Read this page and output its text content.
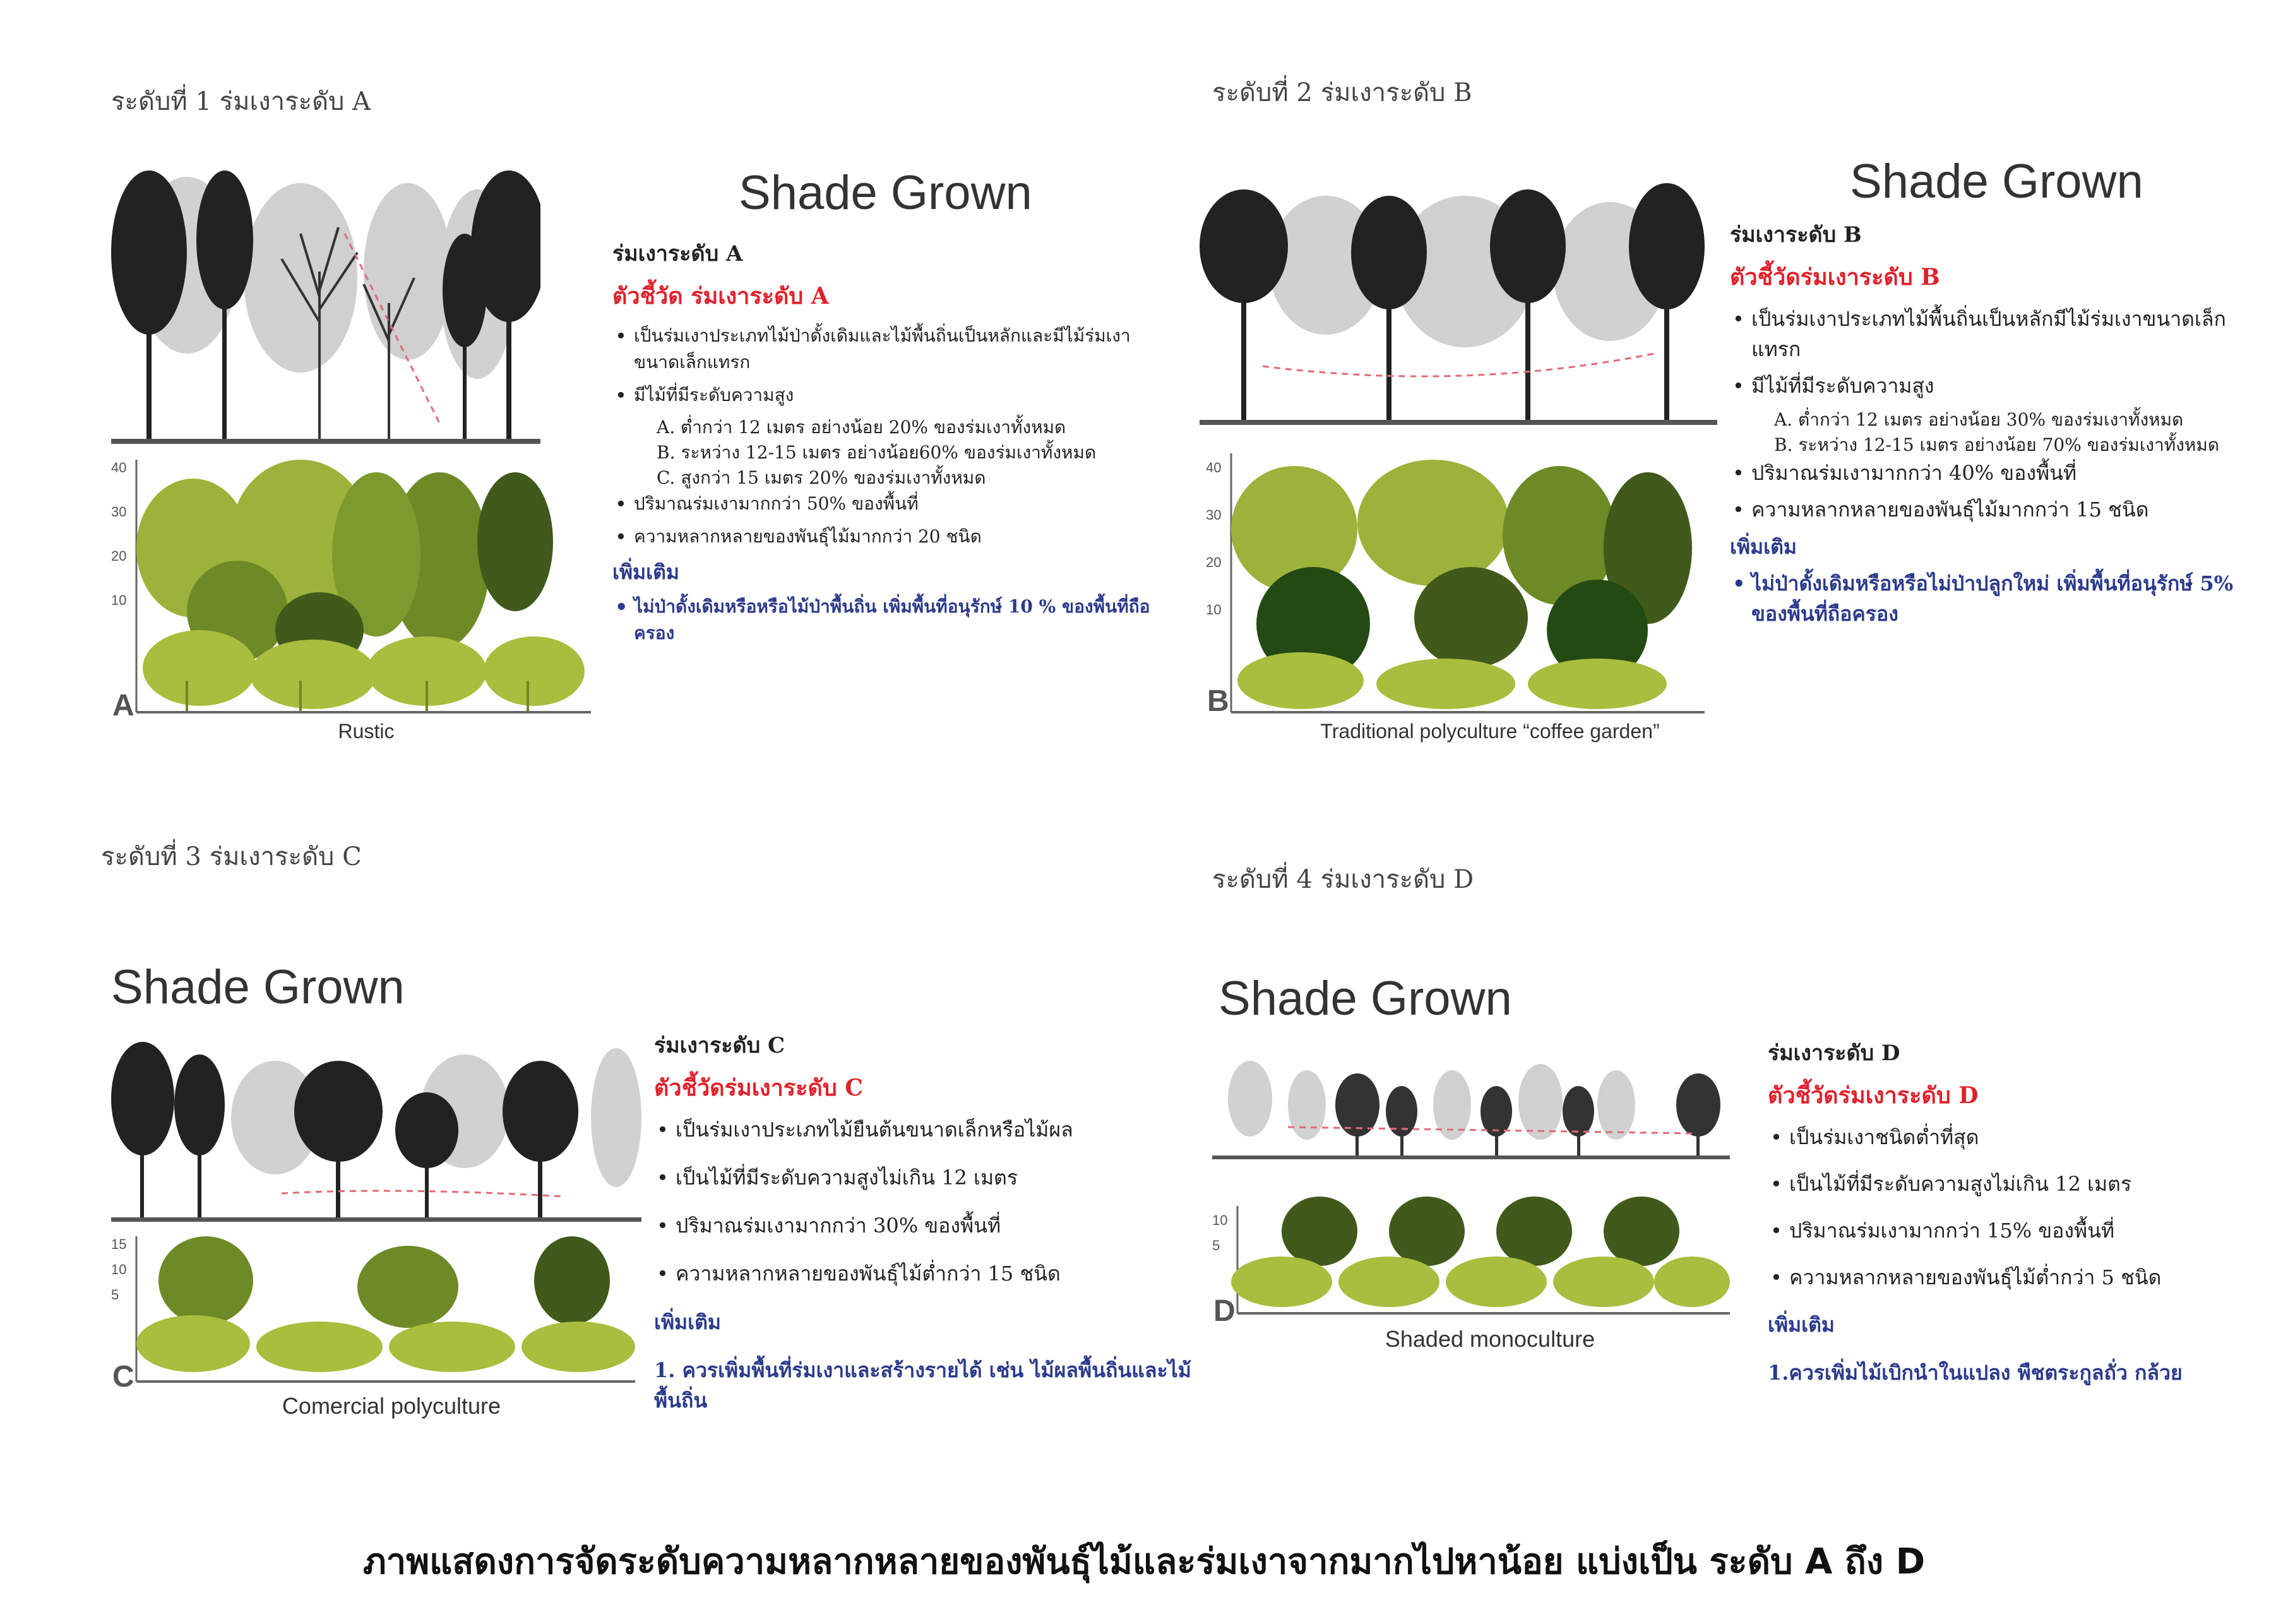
ระดับที่ 1 ร่มเงาระดับ A
40
30
20
10
A
Rustic
Shade Grown
ร่มเงาระดับ A
ตัวชี้วัด ร่มเงาระดับ A
• เป็นร่มเงาประเภทไม้ป่าดั้งเดิมและไม้พื้นถิ่นเป็นหลักและมีไม้ร่มเงาขนาดเล็กแทรก
• มีไม้ที่มีระดับความสูง
A. ต่ำกว่า 12 เมตร อย่างน้อย 20% ของร่มเงาทั้งหมด
B. ระหว่าง 12-15 เมตร อย่างน้อย60% ของร่มเงาทั้งหมด
C. สูงกว่า 15 เมตร 20% ของร่มเงาทั้งหมด
• ปริมาณร่มเงามากกว่า 50% ของพื้นที่
• ความหลากหลายของพันธุ์ไม้มากกว่า 20 ชนิด
เพิ่มเติม
• ไม่ป่าดั้งเดิมหรือหรือไม้ป่าพื้นถิ่น เพิ่มพื้นที่อนุรักษ์ 10 % ของพื้นที่ถือครอง
ระดับที่ 2 ร่มเงาระดับ B
40
30
20
10
B
Traditional polyculture “coffee garden”
Shade Grown
ร่มเงาระดับ B
ตัวชี้วัดร่มเงาระดับ B
• เป็นร่มเงาประเภทไม้พื้นถิ่นเป็นหลักมีไม้ร่มเงาขนาดเล็กแทรก
• มีไม้ที่มีระดับความสูง
A. ต่ำกว่า 12 เมตร อย่างน้อย 30% ของร่มเงาทั้งหมด
B. ระหว่าง 12-15 เมตร อย่างน้อย 70% ของร่มเงาทั้งหมด
• ปริมาณร่มเงามากกว่า 40% ของพื้นที่
• ความหลากหลายของพันธุ์ไม้มากกว่า 15 ชนิด
เพิ่มเติม
• ไม่ป่าดั้งเดิมหรือหรือไม่ป่าปลูกใหม่ เพิ่มพื้นที่อนุรักษ์ 5% ของพื้นที่ถือครอง
ระดับที่ 3 ร่มเงาระดับ C
Shade Grown
15
10
5
C
Comercial polyculture
ร่มเงาระดับ C
ตัวชี้วัดร่มเงาระดับ C
• เป็นร่มเงาประเภทไม้ยืนต้นขนาดเล็กหรือไม้ผล
• เป็นไม้ที่มีระดับความสูงไม่เกิน 12 เมตร
• ปริมาณร่มเงามากกว่า 30% ของพื้นที่
• ความหลากหลายของพันธุ์ไม้ต่ำกว่า 15 ชนิด
เพิ่มเติม
1. ควรเพิ่มพื้นที่ร่มเงาและสร้างรายได้ เช่น ไม้ผลพื้นถิ่นและไม้พื้นถิ่น
ระดับที่ 4 ร่มเงาระดับ D
Shade Grown
10
5
D
Shaded monoculture
ร่มเงาระดับ D
ตัวชี้วัดร่มเงาระดับ D
• เป็นร่มเงาชนิดต่ำที่สุด
• เป็นไม้ที่มีระดับความสูงไม่เกิน 12 เมตร
• ปริมาณร่มเงามากกว่า 15% ของพื้นที่
• ความหลากหลายของพันธุ์ไม้ต่ำกว่า 5 ชนิด
เพิ่มเติม
1.ควรเพิ่มไม้เบิกนำในแปลง พืชตระกูลถั่ว กล้วย
ภาพแสดงการจัดระดับความหลากหลายของพันธุ์ไม้และร่มเงาจากมากไปหาน้อย แบ่งเป็น ระดับ A ถึง D
